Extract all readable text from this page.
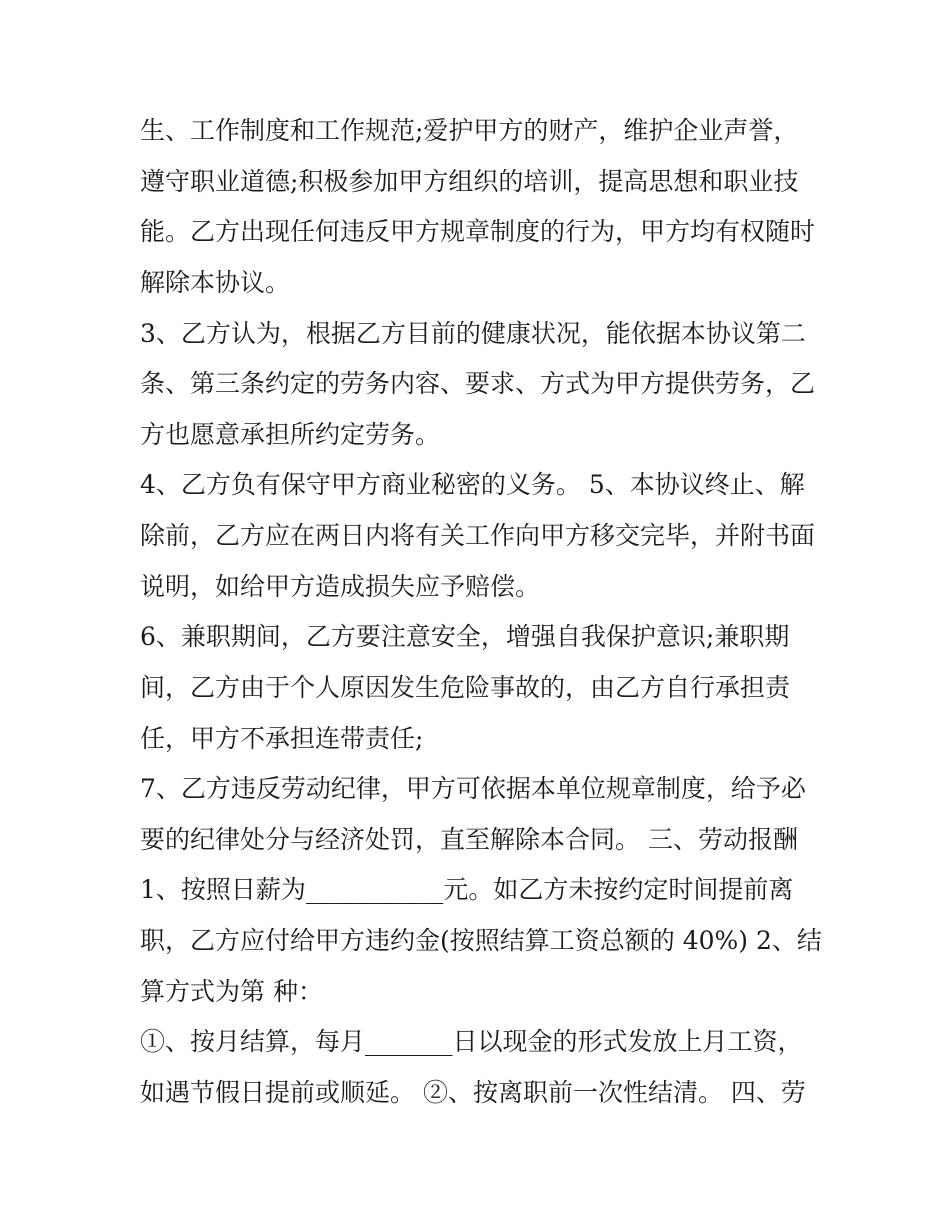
生、工作制度和工作规范;爱护甲方的财产，维护企业声誉，
遵守职业道德;积极参加甲方组织的培训，提高思想和职业技
能。乙方出现任何违反甲方规章制度的行为，甲方均有权随时
解除本协议。
3、乙方认为，根据乙方目前的健康状况，能依据本协议第二
条、第三条约定的劳务内容、要求、方式为甲方提供劳务，乙
方也愿意承担所约定劳务。
4、乙方负有保守甲方商业秘密的义务。 5、本协议终止、解
除前，乙方应在两日内将有关工作向甲方移交完毕，并附书面
说明，如给甲方造成损失应予赔偿。
6、兼职期间，乙方要注意安全，增强自我保护意识;兼职期
间，乙方由于个人原因发生危险事故的，由乙方自行承担责
任，甲方不承担连带责任;
7、乙方违反劳动纪律，甲方可依据本单位规章制度，给予必
要的纪律处分与经济处罚，直至解除本合同。 三、劳动报酬
1、按照日薪为___________元。如乙方未按约定时间提前离
职，乙方应付给甲方违约金(按照结算工资总额的 40%) 2、结
算方式为第 种：
①、按月结算，每月_______日以现金的形式发放上月工资，
如遇节假日提前或顺延。 ②、按离职前一次性结清。 四、劳
